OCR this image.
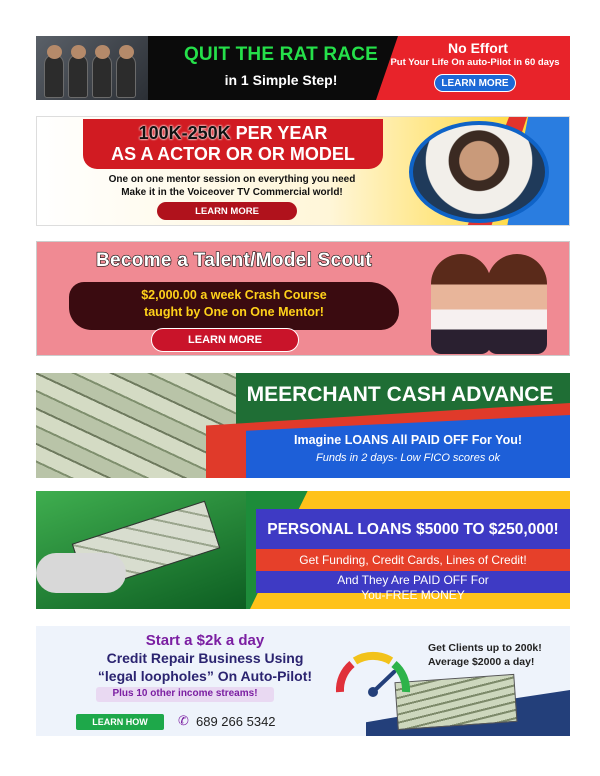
QUIT THE RAT RACE
in 1 Simple Step!
No Effort
Put Your Life On auto-Pilot in 60 days
LEARN MORE
100K-250K PER YEAR
AS A ACTOR OR OR MODEL
One on one mentor session on everything you need
Make it in the Voiceover TV Commercial world!
LEARN MORE
Become a Talent/Model Scout
$2,000.00 a week Crash Course
taught by One on One Mentor!
LEARN MORE
MEERCHANT CASH ADVANCE
Imagine LOANS All PAID OFF For You!
Funds in 2 days- Low FICO scores ok
PERSONAL LOANS $5000 TO $250,000!
Get Funding, Credit Cards, Lines of Credit!
And They Are PAID OFF For
You-FREE MONEY
Start a $2k a day
Credit Repair Business Using
“legal loopholes” On Auto-Pilot!
Plus 10 other income streams!
LEARN HOW	✆ 689 266 5342
Get Clients up to 200k!
Average $2000 a day!
